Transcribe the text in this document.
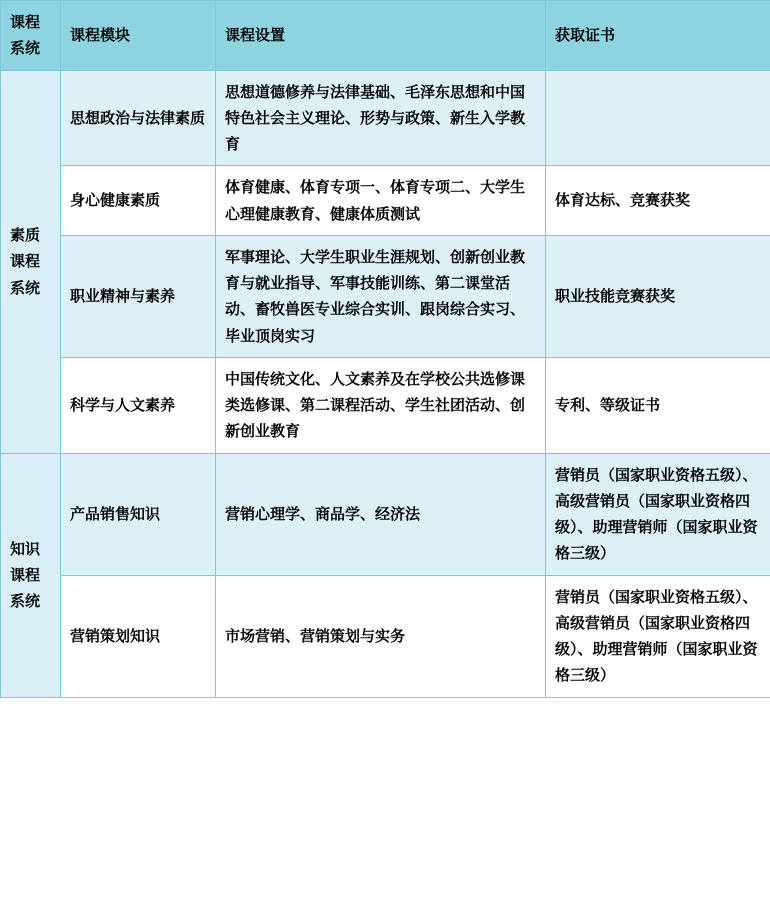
课程系统	课程模块	课程设置	获取证书
素质课程系统	思想政治与法律素质	思想道德修养与法律基础、毛泽东思想和中国特色社会主义理论、形势与政策、新生入学教育	
	身心健康素质	体育健康、体育专项一、体育专项二、大学生心理健康教育、健康体质测试	体育达标、竞赛获奖
	职业精神与素养	军事理论、大学生职业生涯规划、创新创业教育与就业指导、军事技能训练、第二课堂活动、畜牧兽医专业综合实训、跟岗综合实习、毕业顶岗实习	职业技能竞赛获奖
	科学与人文素养	中国传统文化、人文素养及在学校公共选修课类选修课、第二课程活动、学生社团活动、创新创业教育	专利、等级证书
知识课程系统	产品销售知识	营销心理学、商品学、经济法	营销员（国家职业资格五级）、高级营销员（国家职业资格四级）、助理营销师（国家职业资格三级）
	营销策划知识	市场营销、营销策划与实务	营销员（国家职业资格五级）、高级营销员（国家职业资格四级）、助理营销师（国家职业资格三级）
